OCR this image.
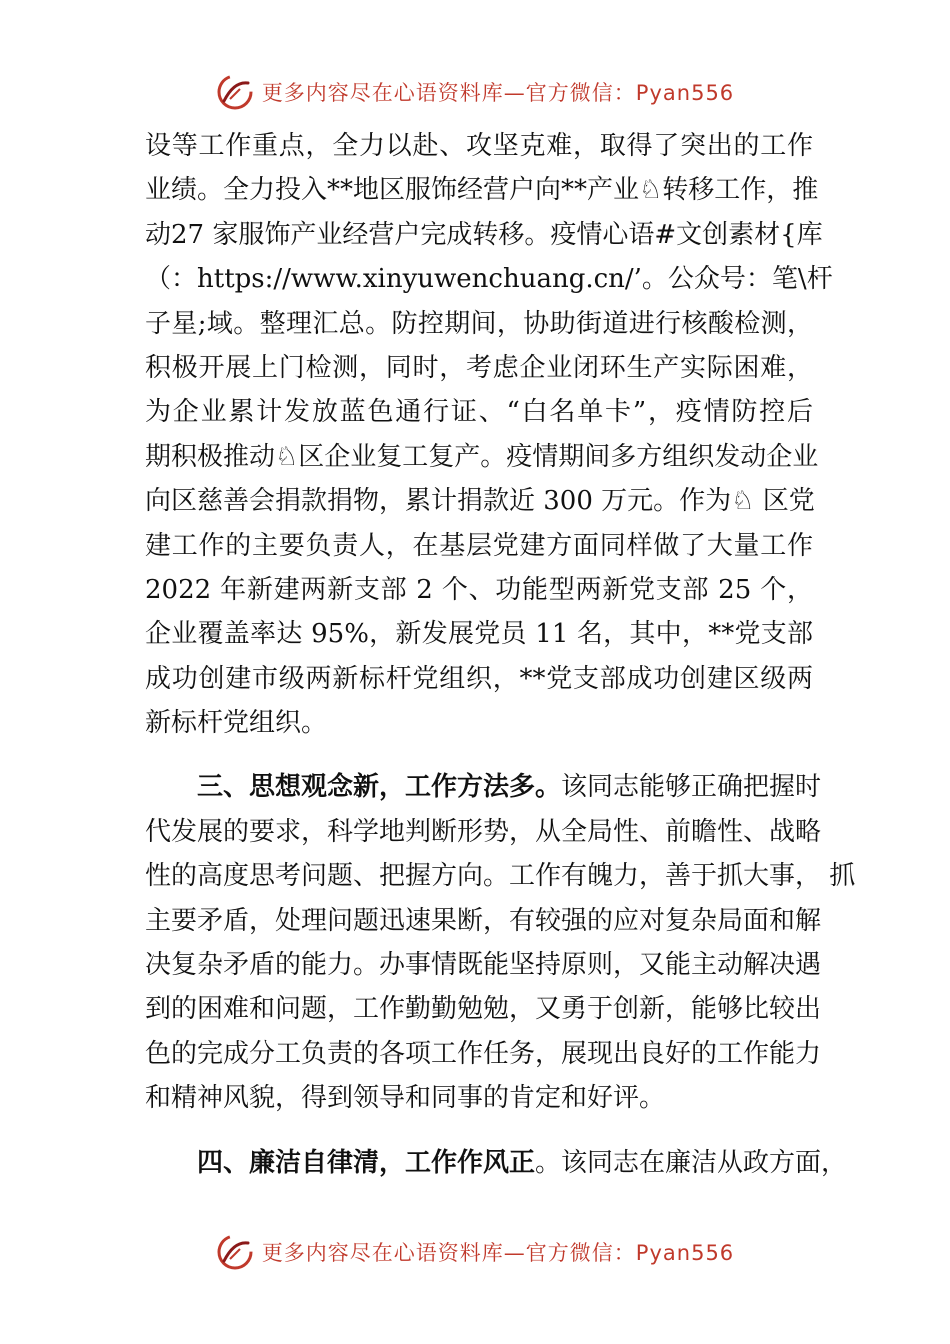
更多内容尽在心语资料库—官方微信：Pyan556
设等工作重点，全力以赴、攻坚克难，取得了突出的工作
业绩。全力投入**地区服饰经营户向**产业♘转移工作，推
动27 家服饰产业经营户完成转移。疫情心语#文创素材{库
（：https://www.xinyuwenchuang.cn/’。公众号：笔\杆
子星;域。整理汇总。防控期间，协助街道进行核酸检测，
积极开展上门检测，同时，考虑企业闭环生产实际困难，
为企业累计发放蓝色通行证、“白名单卡”，疫情防控后
期积极推动♘区企业复工复产。疫情期间多方组织发动企业
向区慈善会捐款捐物，累计捐款近 300 万元。作为♘ 区党
建工作的主要负责人，在基层党建方面同样做了大量工作
2022 年新建两新支部 2 个、功能型两新党支部 25 个，
企业覆盖率达 95%，新发展党员 11 名，其中，**党支部
成功创建市级两新标杆党组织，**党支部成功创建区级两
新标杆党组织。
　　三、思想观念新，工作方法多。该同志能够正确把握时
代发展的要求，科学地判断形势，从全局性、前瞻性、战略
性的高度思考问题、把握方向。工作有魄力，善于抓大事， 抓
主要矛盾，处理问题迅速果断，有较强的应对复杂局面和解
决复杂矛盾的能力。办事情既能坚持原则，又能主动解决遇
到的困难和问题，工作勤勤勉勉，又勇于创新，能够比较出
色的完成分工负责的各项工作任务，展现出良好的工作能力
和精神风貌，得到领导和同事的肯定和好评。
　　四、廉洁自律清，工作作风正。该同志在廉洁从政方面，
更多内容尽在心语资料库—官方微信：Pyan556
